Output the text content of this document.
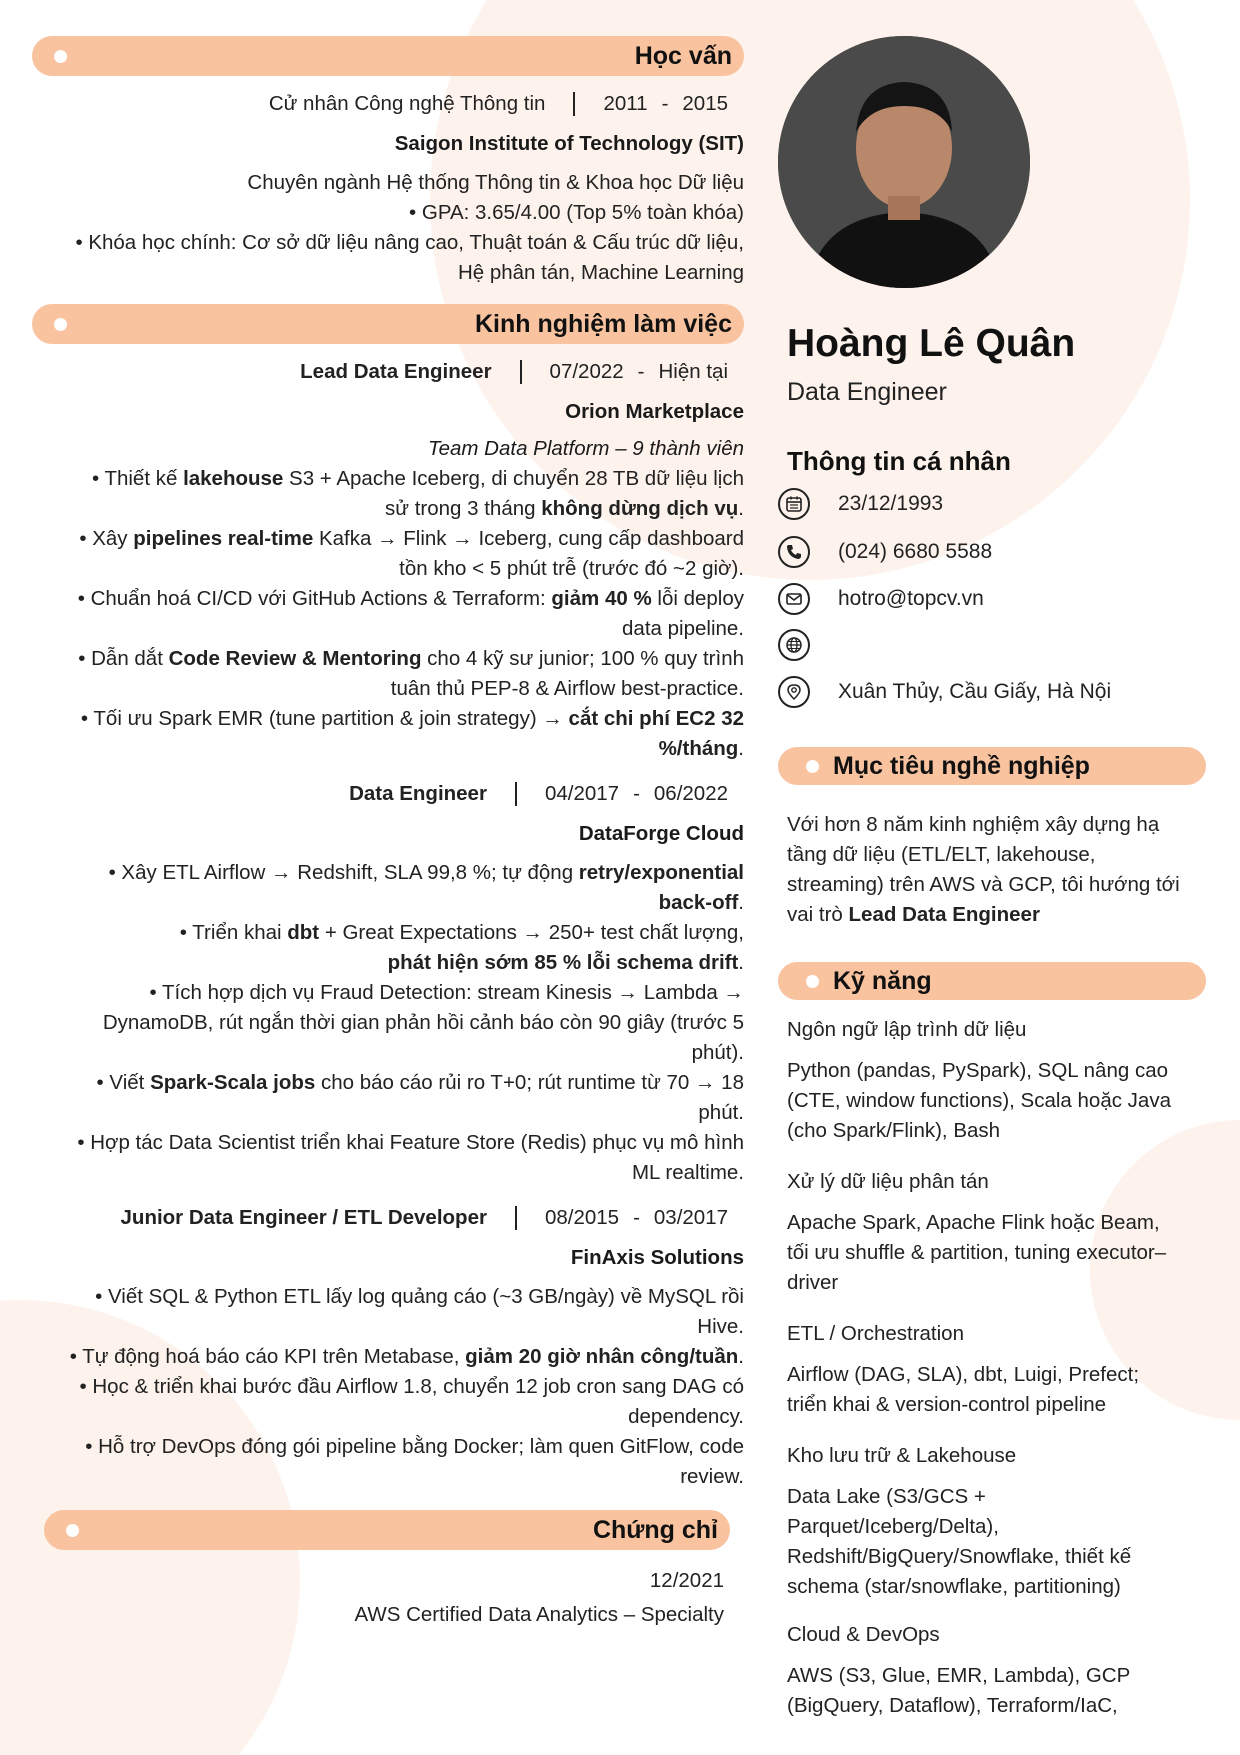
Học vấn
Cử nhân Công nghệ Thông tin	2011 - 2015
Saigon Institute of Technology (SIT)
Chuyên ngành Hệ thống Thông tin & Khoa học Dữ liệu
• GPA: 3.65/4.00 (Top 5% toàn khóa)
• Khóa học chính: Cơ sở dữ liệu nâng cao, Thuật toán & Cấu trúc dữ liệu,
Hệ phân tán, Machine Learning
Kinh nghiệm làm việc
Lead Data Engineer	07/2022 - Hiện tại
Orion Marketplace
Team Data Platform – 9 thành viên
• Thiết kế lakehouse S3 + Apache Iceberg, di chuyển 28 TB dữ liệu lịch
sử trong 3 tháng không dừng dịch vụ.
• Xây pipelines real-time Kafka → Flink → Iceberg, cung cấp dashboard
tồn kho < 5 phút trễ (trước đó ~2 giờ).
• Chuẩn hoá CI/CD với GitHub Actions & Terraform: giảm 40 % lỗi deploy
data pipeline.
• Dẫn dắt Code Review & Mentoring cho 4 kỹ sư junior; 100 % quy trình
tuân thủ PEP-8 & Airflow best-practice.
• Tối ưu Spark EMR (tune partition & join strategy) → cắt chi phí EC2 32
%/tháng.
Data Engineer	04/2017 - 06/2022
DataForge Cloud
• Xây ETL Airflow → Redshift, SLA 99,8 %; tự động retry/exponential
back-off.
• Triển khai dbt + Great Expectations → 250+ test chất lượng,
phát hiện sớm 85 % lỗi schema drift.
• Tích hợp dịch vụ Fraud Detection: stream Kinesis → Lambda →
DynamoDB, rút ngắn thời gian phản hồi cảnh báo còn 90 giây (trước 5
phút).
• Viết Spark-Scala jobs cho báo cáo rủi ro T+0; rút runtime từ 70 → 18
phút.
• Hợp tác Data Scientist triển khai Feature Store (Redis) phục vụ mô hình
ML realtime.
Junior Data Engineer / ETL Developer	08/2015 - 03/2017
FinAxis Solutions
• Viết SQL & Python ETL lấy log quảng cáo (~3 GB/ngày) về MySQL rồi
Hive.
• Tự động hoá báo cáo KPI trên Metabase, giảm 20 giờ nhân công/tuần.
• Học & triển khai bước đầu Airflow 1.8, chuyển 12 job cron sang DAG có
dependency.
• Hỗ trợ DevOps đóng gói pipeline bằng Docker; làm quen GitFlow, code
review.
Chứng chỉ
12/2021
AWS Certified Data Analytics – Specialty
Hoàng Lê Quân
Data Engineer
Thông tin cá nhân
23/12/1993
(024) 6680 5588
hotro@topcv.vn
Xuân Thủy, Cầu Giấy, Hà Nội
Mục tiêu nghề nghiệp
Với hơn 8 năm kinh nghiệm xây dựng hạ
tầng dữ liệu (ETL/ELT, lakehouse,
streaming) trên AWS và GCP, tôi hướng tới
vai trò Lead Data Engineer
Kỹ năng
Ngôn ngữ lập trình dữ liệu
Python (pandas, PySpark), SQL nâng cao
(CTE, window functions), Scala hoặc Java
(cho Spark/Flink), Bash
Xử lý dữ liệu phân tán
Apache Spark, Apache Flink hoặc Beam,
tối ưu shuffle & partition, tuning executor–
driver
ETL / Orchestration
Airflow (DAG, SLA), dbt, Luigi, Prefect;
triển khai & version-control pipeline
Kho lưu trữ & Lakehouse
Data Lake (S3/GCS +
Parquet/Iceberg/Delta),
Redshift/BigQuery/Snowflake, thiết kế
schema (star/snowflake, partitioning)
Cloud & DevOps
AWS (S3, Glue, EMR, Lambda), GCP
(BigQuery, Dataflow), Terraform/IaC,
